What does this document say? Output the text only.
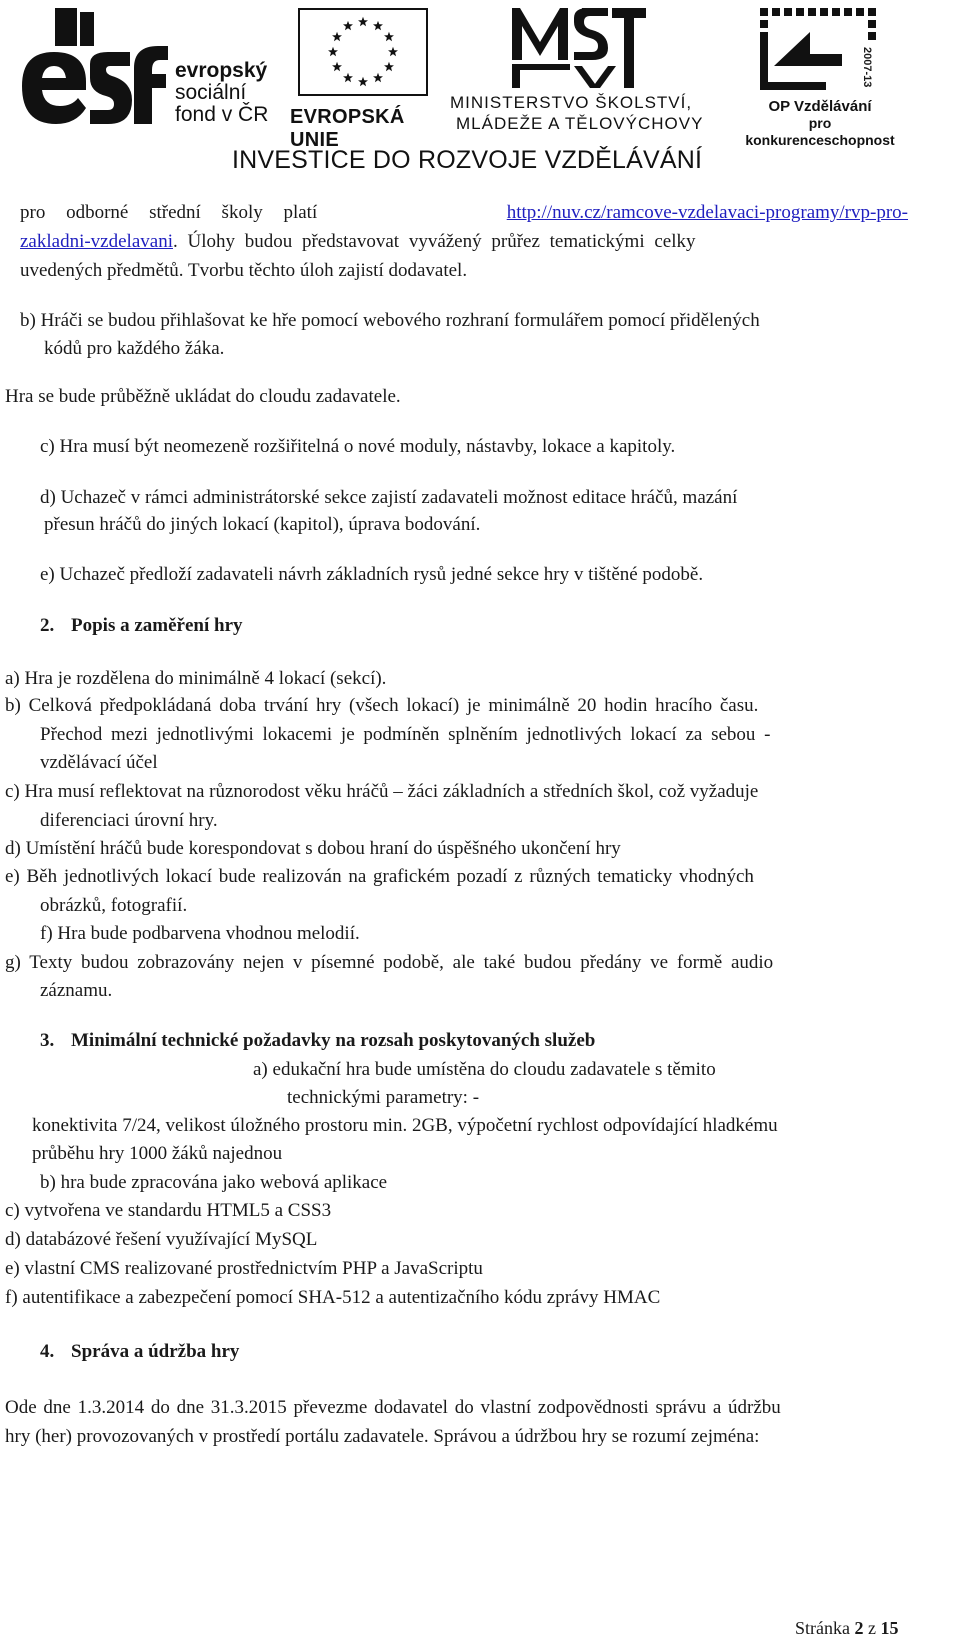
evropský
sociální
fond v ČR EVROPSKÁ UNIE
MINISTERSTVO ŠKOLSTVÍ,
MLÁDEŽE A TĚLOVÝCHOVY
2007-13
OP Vzdělávání
pro konkurenceschopnost
INVESTICE DO ROZVOJE VZDĚLÁVÁNÍ
pro odborné střední školy platí	http://nuv.cz/ramcove-vzdelavaci-programy/rvp-pro-
zakladni-vzdelavani . Úlohy budou představovat vyvážený průřez tematickými celky
uvedených předmětů. Tvorbu těchto úloh zajistí dodavatel.
b) Hráči se budou přihlašovat ke hře pomocí webového rozhraní formulářem pomocí přidělených
kódů pro každého žáka.
Hra se bude průběžně ukládat do cloudu zadavatele.
c) Hra musí být neomezeně rozšiřitelná o nové moduly, nástavby, lokace a kapitoly.
d) Uchazeč v rámci administrátorské sekce zajistí zadavateli možnost editace hráčů, mazání
přesun hráčů do jiných lokací (kapitol), úprava bodování.
e) Uchazeč předloží zadavateli návrh základních rysů jedné sekce hry v tištěné podobě.
2. Popis a zaměření hry
a) Hra je rozdělena do minimálně 4 lokací (sekcí).
b) Celková předpokládaná doba trvání hry (všech lokací) je minimálně 20 hodin hracího času.
Přechod mezi jednotlivými lokacemi je podmíněn splněním jednotlivých lokací za sebou -
vzdělávací účel
c) Hra musí reflektovat na různorodost věku hráčů – žáci základních a středních škol, což vyžaduje
diferenciaci úrovní hry.
d) Umístění hráčů bude korespondovat s dobou hraní do úspěšného ukončení hry
e) Běh jednotlivých lokací bude realizován na grafickém pozadí z různých tematicky vhodných
obrázků, fotografií.
f) Hra bude podbarvena vhodnou melodií.
g) Texty budou zobrazovány nejen v písemné podobě, ale také budou předány ve formě audio
záznamu.
3. Minimální technické požadavky na rozsah poskytovaných služeb
a) edukační hra bude umístěna do cloudu zadavatele s těmito
technickými parametry: -
konektivita 7/24, velikost úložného prostoru min. 2GB, výpočetní rychlost odpovídající hladkému
průběhu hry 1000 žáků najednou
b) hra bude zpracována jako webová aplikace
c) vytvořena ve standardu HTML5 a CSS3
d) databázové řešení využívající MySQL
e) vlastní CMS realizované prostřednictvím PHP a JavaScriptu
f) autentifikace a zabezpečení pomocí SHA-512 a autentizačního kódu zprávy HMAC
4. Správa a údržba hry
Ode dne 1.3.2014 do dne 31.3.2015 převezme dodavatel do vlastní zodpovědnosti správu a údržbu
hry (her) provozovaných v prostředí portálu zadavatele. Správou a údržbou hry se rozumí zejména:
Stránka 2 z 15
